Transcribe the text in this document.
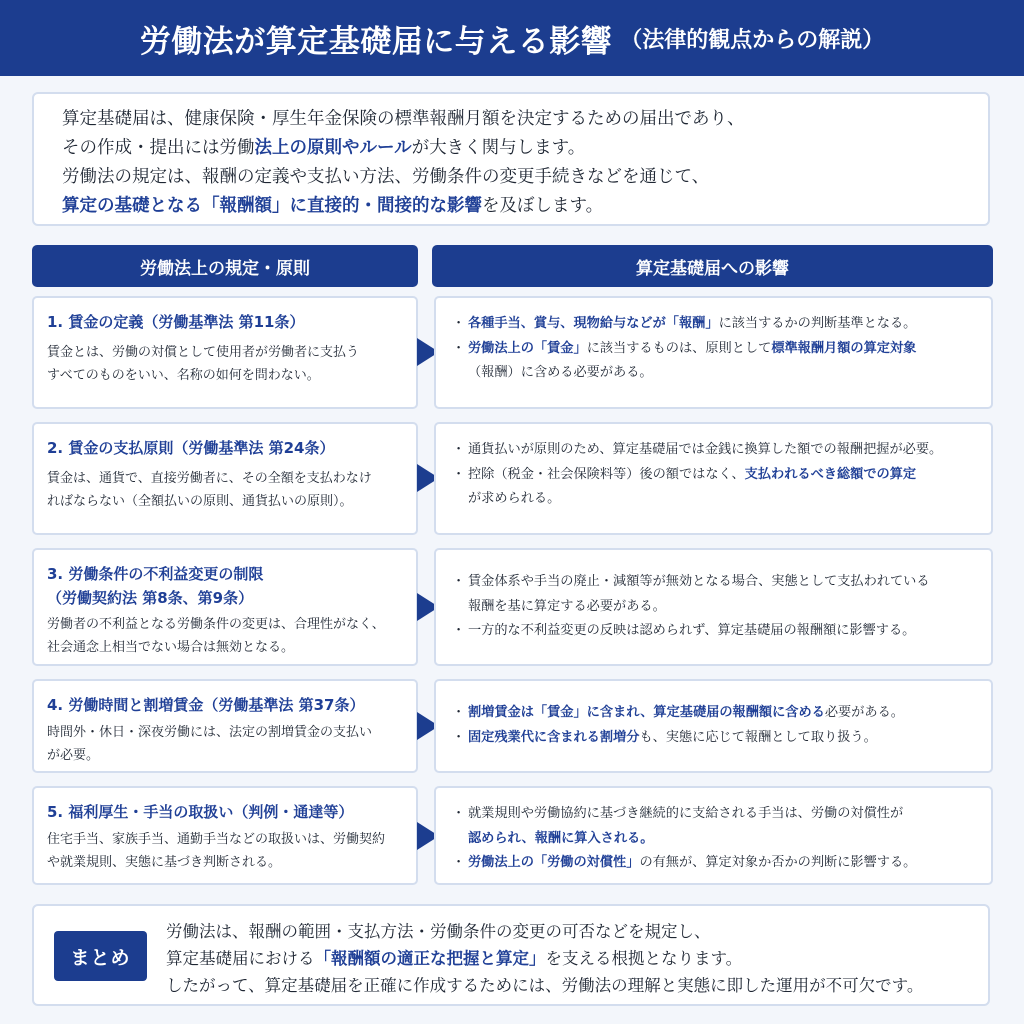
労働法が算定基礎届に与える影響 （法律的観点からの解説）

算定基礎届は、健康保険・厚生年金保険の標準報酬月額を決定するための届出であり、

その作成・提出には労働法上の原則やルールが大きく関与します。

労働法の規定は、報酬の定義や支払い方法、労働条件の変更手続きなどを通じて、

算定の基礎となる「報酬額」に直接的・間接的な影響を及ぼします。

労働法上の規定・原則	算定基礎届への影響
1. 賃金の定義（労働基準法 第11条）
賃金とは、労働の対償として使用者が労働者に支払う
すべてのものをいい、名称の如何を問わない。
・ 各種手当、賞与、現物給与などが「報酬」に該当するかの判断基準となる。
・ 労働法上の「賃金」に該当するものは、原則として標準報酬月額の算定対象
（報酬）に含める必要がある。
2. 賃金の支払原則（労働基準法 第24条）
賃金は、通貨で、直接労働者に、その全額を支払わなけ
ればならない（全額払いの原則、通貨払いの原則）。
・ 通貨払いが原則のため、算定基礎届では金銭に換算した額での報酬把握が必要。
・ 控除（税金・社会保険料等）後の額ではなく、支払われるべき総額での算定
が求められる。
3. 労働条件の不利益変更の制限
（労働契約法 第8条、第9条）
労働者の不利益となる労働条件の変更は、合理性がなく、
社会通念上相当でない場合は無効となる。
・ 賃金体系や手当の廃止・減額等が無効となる場合、実態として支払われている
報酬を基に算定する必要がある。
・ 一方的な不利益変更の反映は認められず、算定基礎届の報酬額に影響する。
4. 労働時間と割増賃金（労働基準法 第37条）
時間外・休日・深夜労働には、法定の割増賃金の支払い
が必要。
・ 割増賃金は「賃金」に含まれ、算定基礎届の報酬額に含める必要がある。
・ 固定残業代に含まれる割増分も、実態に応じて報酬として取り扱う。
5. 福利厚生・手当の取扱い（判例・通達等）
住宅手当、家族手当、通勤手当などの取扱いは、労働契約
や就業規則、実態に基づき判断される。
・ 就業規則や労働協約に基づき継続的に支給される手当は、労働の対償性が
認められ、報酬に算入される。
・ 労働法上の「労働の対償性」の有無が、算定対象か否かの判断に影響する。
まとめ

労働法は、報酬の範囲・支払方法・労働条件の変更の可否などを規定し、

算定基礎届における「報酬額の適正な把握と算定」を支える根拠となります。

したがって、算定基礎届を正確に作成するためには、労働法の理解と実態に即した運用が不可欠です。
